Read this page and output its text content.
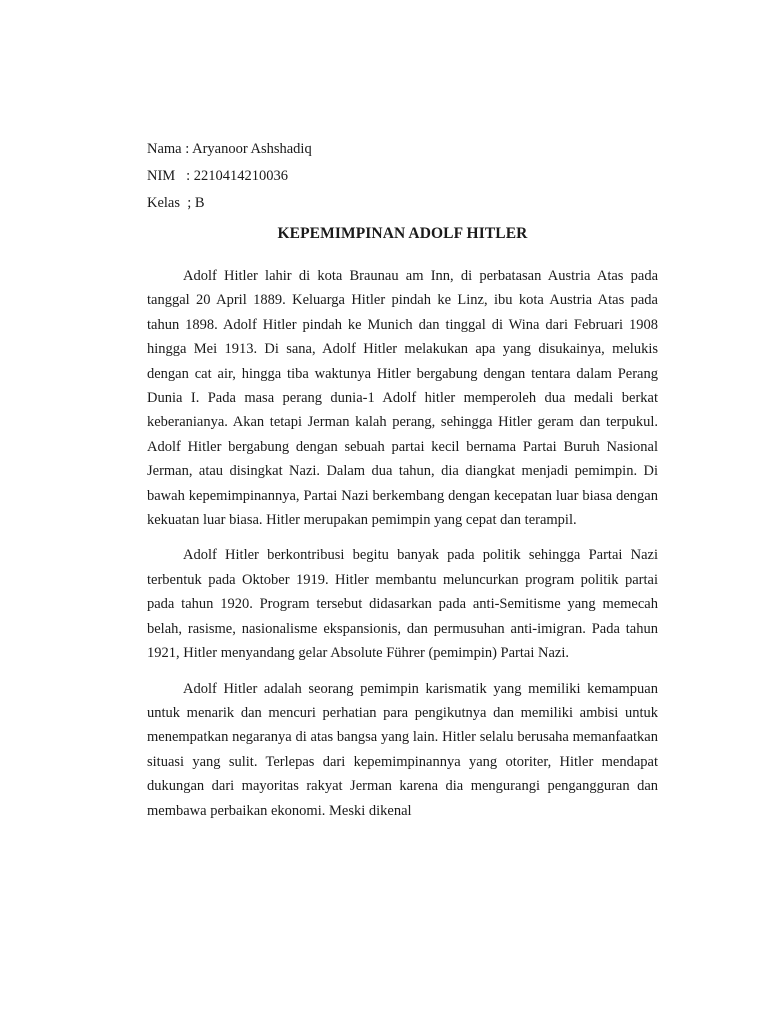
Nama : Aryanoor Ashshadiq
NIM   : 2210414210036
Kelas  ; B
KEPEMIMPINAN ADOLF HITLER

Adolf Hitler lahir di kota Braunau am Inn, di perbatasan Austria Atas pada tanggal 20 April 1889. Keluarga Hitler pindah ke Linz, ibu kota Austria Atas pada tahun 1898. Adolf Hitler pindah ke Munich dan tinggal di Wina dari Februari 1908 hingga Mei 1913. Di sana, Adolf Hitler melakukan apa yang disukainya, melukis dengan cat air, hingga tiba waktunya Hitler bergabung dengan tentara dalam Perang Dunia I. Pada masa perang dunia-1 Adolf hitler memperoleh dua medali berkat keberanianya. Akan tetapi Jerman kalah perang, sehingga Hitler geram dan terpukul. Adolf Hitler bergabung dengan sebuah partai kecil bernama Partai Buruh Nasional Jerman, atau disingkat Nazi. Dalam dua tahun, dia diangkat menjadi pemimpin. Di bawah kepemimpinannya, Partai Nazi berkembang dengan kecepatan luar biasa dengan kekuatan luar biasa. Hitler merupakan pemimpin yang cepat dan terampil.

Adolf Hitler berkontribusi begitu banyak pada politik sehingga Partai Nazi terbentuk pada Oktober 1919. Hitler membantu meluncurkan program politik partai pada tahun 1920. Program tersebut didasarkan pada anti-Semitisme yang memecah belah, rasisme, nasionalisme ekspansionis, dan permusuhan anti-imigran. Pada tahun 1921, Hitler menyandang gelar Absolute Führer (pemimpin) Partai Nazi.

Adolf Hitler adalah seorang pemimpin karismatik yang memiliki kemampuan untuk menarik dan mencuri perhatian para pengikutnya dan memiliki ambisi untuk menempatkan negaranya di atas bangsa yang lain. Hitler selalu berusaha memanfaatkan situasi yang sulit. Terlepas dari kepemimpinannya yang otoriter, Hitler mendapat dukungan dari mayoritas rakyat Jerman karena dia mengurangi pengangguran dan membawa perbaikan ekonomi. Meski dikenal
